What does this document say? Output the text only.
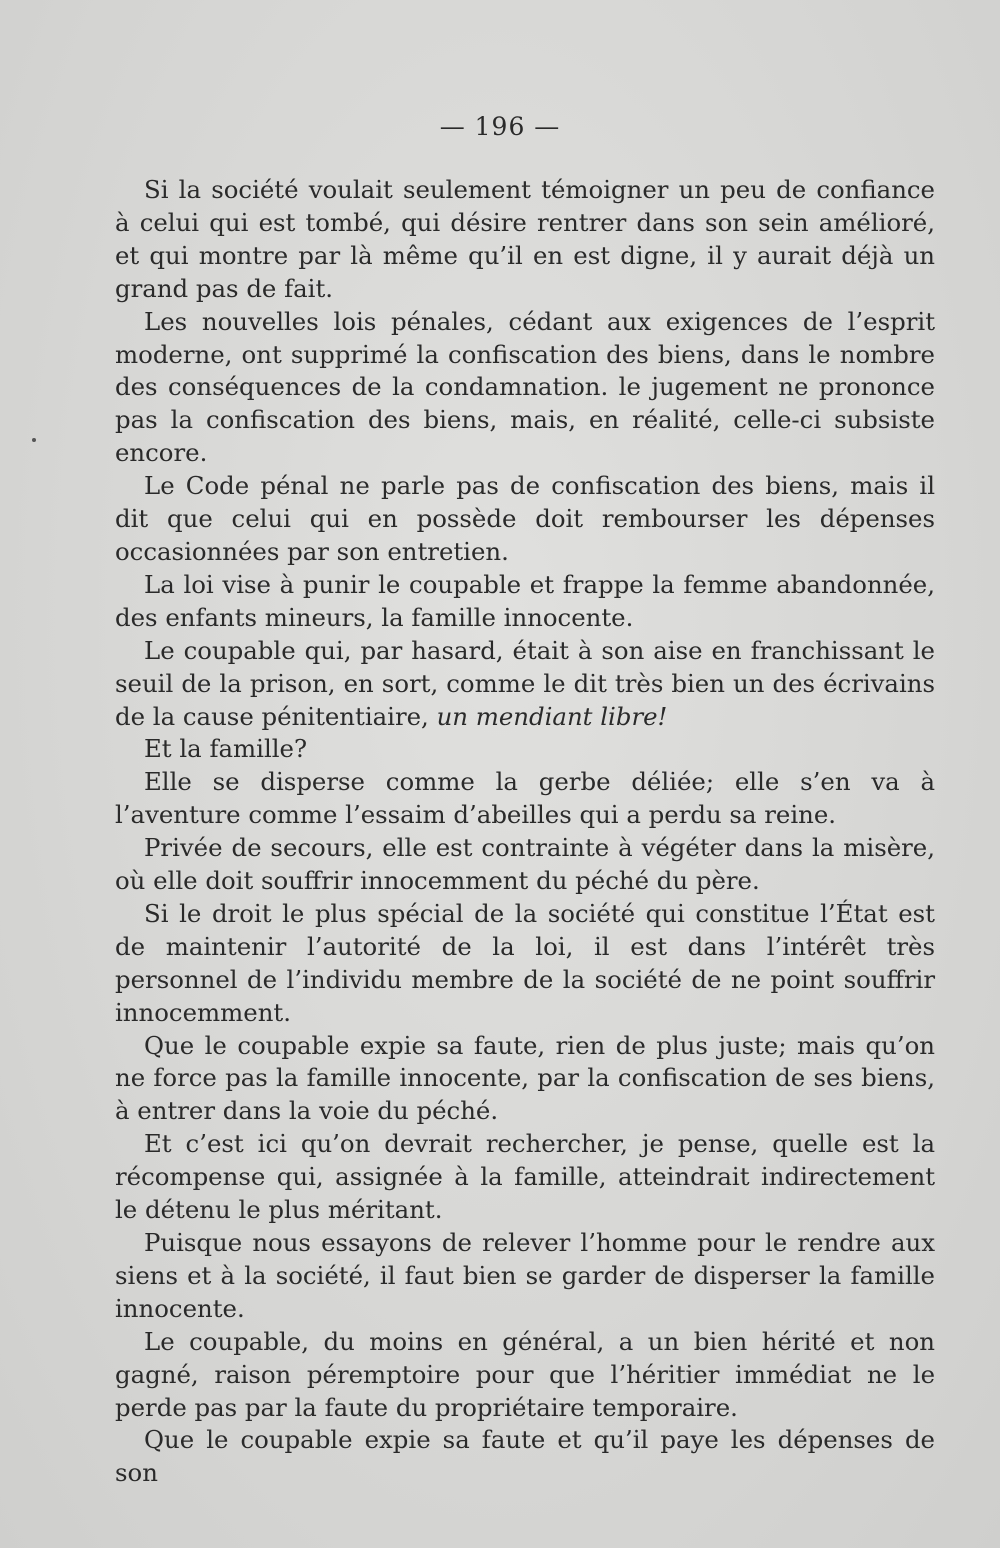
— 196 —

Si la société voulait seulement témoigner un peu de confiance à celui qui est tombé, qui désire rentrer dans son sein amélioré, et qui montre par là même qu’il en est digne, il y aurait déjà un grand pas de fait.

Les nouvelles lois pénales, cédant aux exigences de l’esprit moderne, ont supprimé la confiscation des biens, dans le nombre des conséquences de la condamnation. le jugement ne prononce pas la confiscation des biens, mais, en réalité, celle-ci subsiste encore.

Le Code pénal ne parle pas de confiscation des biens, mais il dit que celui qui en possède doit rembourser les dépenses occasionnées par son entretien.

La loi vise à punir le coupable et frappe la femme abandonnée, des enfants mineurs, la famille innocente.

Le coupable qui, par hasard, était à son aise en franchissant le seuil de la prison, en sort, comme le dit très bien un des écrivains de la cause pénitentiaire, un mendiant libre!

Et la famille?

Elle se disperse comme la gerbe déliée; elle s’en va à l’aventure comme l’essaim d’abeilles qui a perdu sa reine.

Privée de secours, elle est contrainte à végéter dans la misère, où elle doit souffrir innocemment du péché du père.

Si le droit le plus spécial de la société qui constitue l’État est de maintenir l’autorité de la loi, il est dans l’intérêt très personnel de l’individu membre de la société de ne point souffrir innocemment.

Que le coupable expie sa faute, rien de plus juste; mais qu’on ne force pas la famille innocente, par la confiscation de ses biens, à entrer dans la voie du péché.

Et c’est ici qu’on devrait rechercher, je pense, quelle est la récompense qui, assignée à la famille, atteindrait indirectement le détenu le plus méritant.

Puisque nous essayons de relever l’homme pour le rendre aux siens et à la société, il faut bien se garder de disperser la famille innocente.

Le coupable, du moins en général, a un bien hérité et non gagné, raison péremptoire pour que l’héritier immédiat ne le perde pas par la faute du propriétaire temporaire.

Que le coupable expie sa faute et qu’il paye les dépenses de son
